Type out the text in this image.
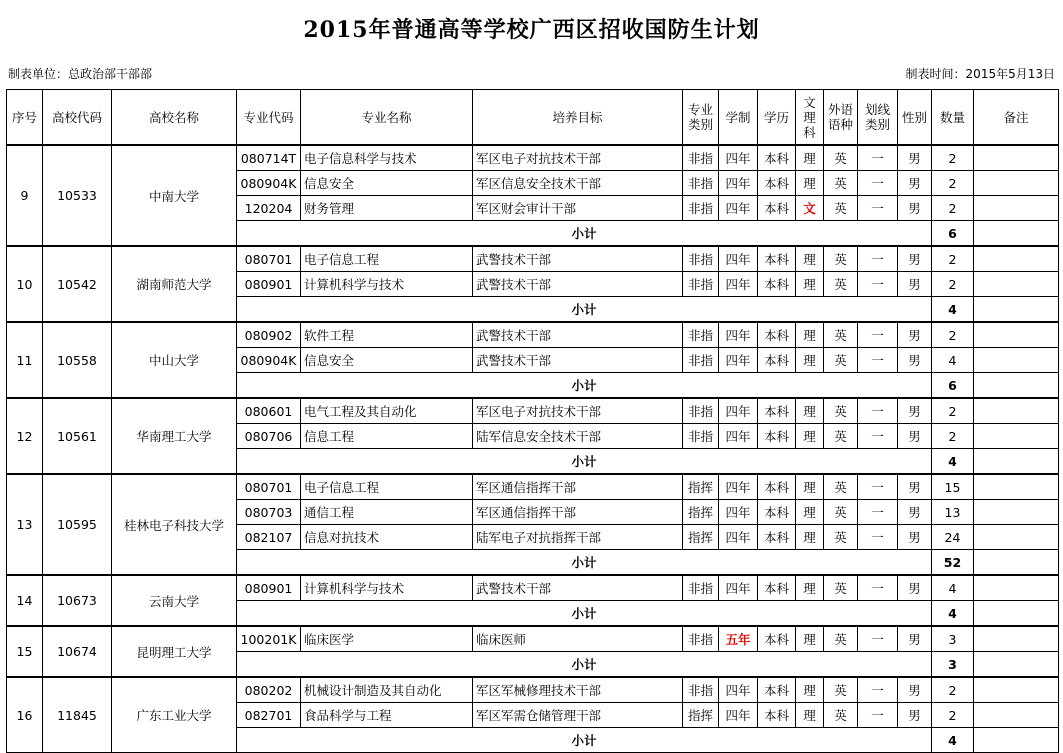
2015年普通高等学校广西区招收国防生计划
制表单位：总政治部干部部	制表时间：2015年5月13日
序号	高校代码	高校名称	专业代码	专业名称	培养目标	专业类别	学制	学历	文理科	外语语种	划线类别	性别	数量	备注
9	10533	中南大学	080714T	电子信息科学与技术	军区电子对抗技术干部	非指	四年	本科	理	英	一	男	2	
			080904K	信息安全	军区信息安全技术干部	非指	四年	本科	理	英	一	男	2	
			120204	财务管理	军区财会审计干部	非指	四年	本科	文	英	一	男	2	
			小计										6	
10	10542	湖南师范大学	080701	电子信息工程	武警技术干部	非指	四年	本科	理	英	一	男	2	
			080901	计算机科学与技术	武警技术干部	非指	四年	本科	理	英	一	男	2	
			小计										4	
11	10558	中山大学	080902	软件工程	武警技术干部	非指	四年	本科	理	英	一	男	2	
			080904K	信息安全	武警技术干部	非指	四年	本科	理	英	一	男	4	
			小计										6	
12	10561	华南理工大学	080601	电气工程及其自动化	军区电子对抗技术干部	非指	四年	本科	理	英	一	男	2	
			080706	信息工程	陆军信息安全技术干部	非指	四年	本科	理	英	一	男	2	
			小计										4	
13	10595	桂林电子科技大学	080701	电子信息工程	军区通信指挥干部	指挥	四年	本科	理	英	一	男	15	
			080703	通信工程	军区通信指挥干部	指挥	四年	本科	理	英	一	男	13	
			082107	信息对抗技术	陆军电子对抗指挥干部	指挥	四年	本科	理	英	一	男	24	
			小计										52	
14	10673	云南大学	080901	计算机科学与技术	武警技术干部	非指	四年	本科	理	英	一	男	4	
			小计										4	
15	10674	昆明理工大学	100201K	临床医学	临床医师	非指	五年	本科	理	英	一	男	3	
			小计										3	
16	11845	广东工业大学	080202	机械设计制造及其自动化	军区军械修理技术干部	非指	四年	本科	理	英	一	男	2	
			082701	食品科学与工程	军区军需仓储管理干部	指挥	四年	本科	理	英	一	男	2	
			小计										4	
